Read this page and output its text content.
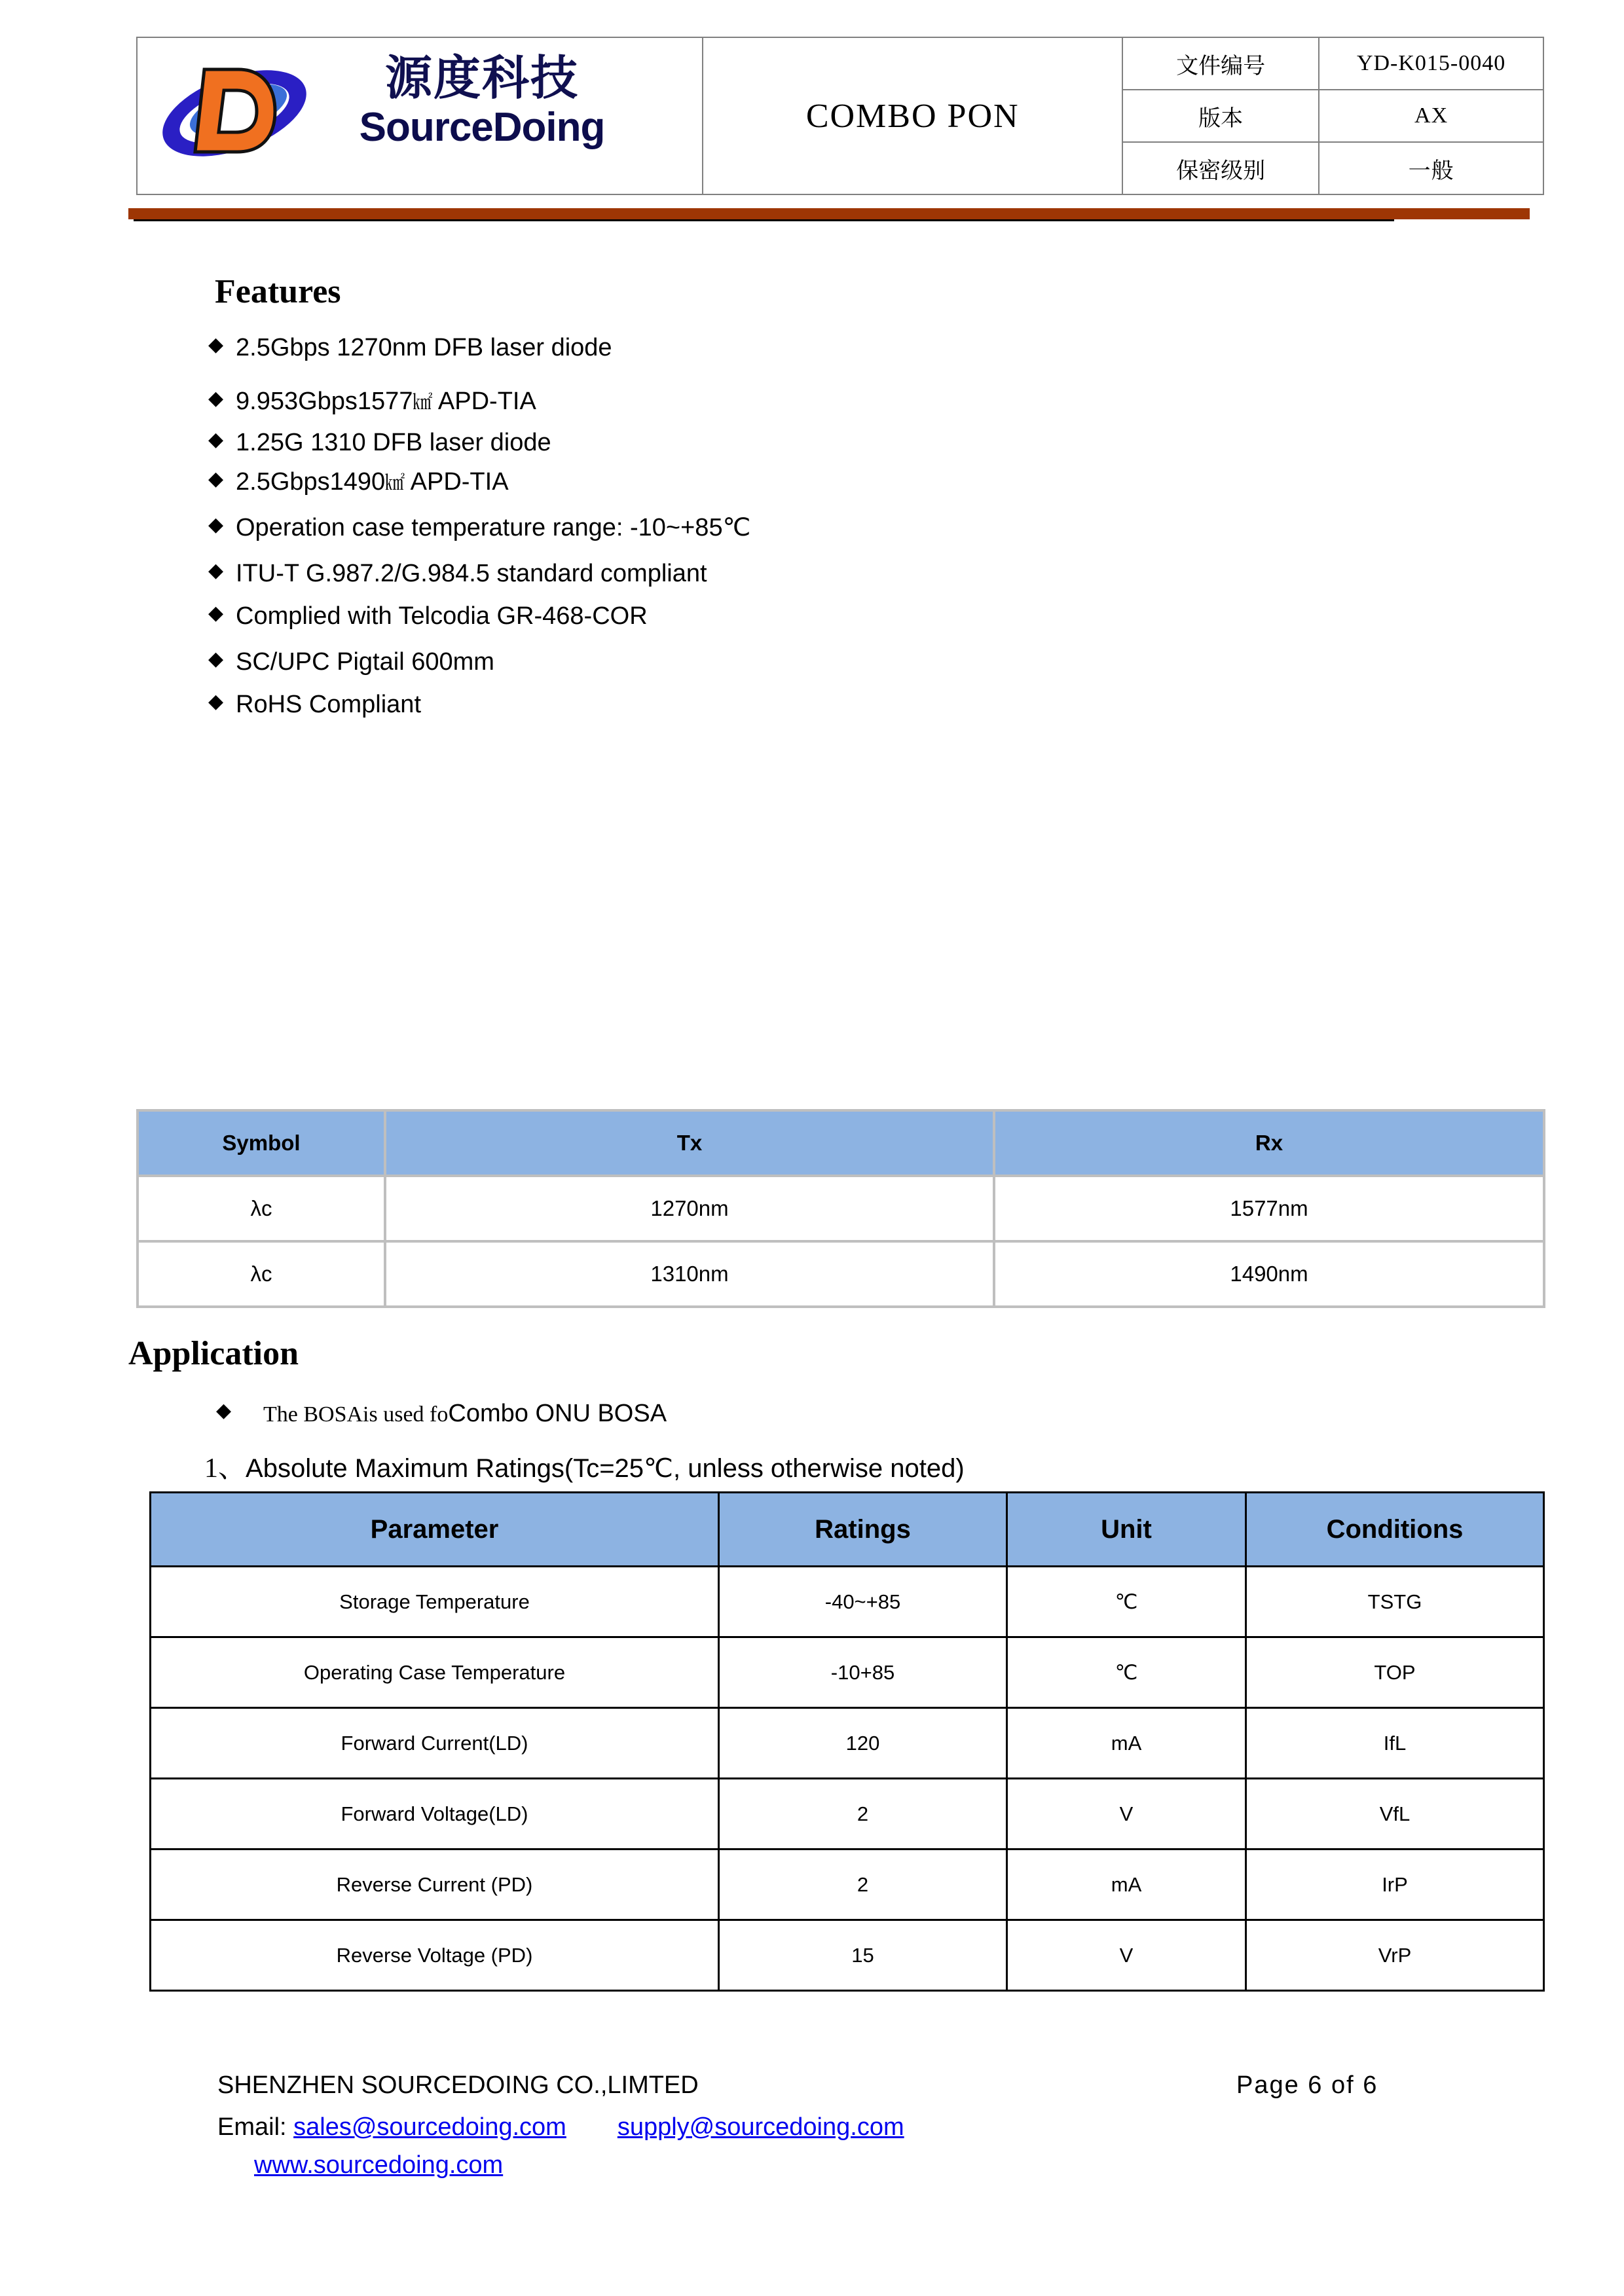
源度科技
SourceDoing	COMBO PON	文件编号	YD-K015-0040
		版本	AX
		保密级别	一般
Features
◆ 2.5Gbps 1270nm DFB laser diode
◆ 9.953Gbps1577㎢ APD-TIA
◆ 1.25G 1310 DFB laser diode
◆ 2.5Gbps1490㎢ APD-TIA
◆ Operation case temperature range: -10~+85℃
◆ ITU-T G.987.2/G.984.5 standard compliant
◆ Complied with Telcodia GR-468-COR
◆ SC/UPC Pigtail 600mm
◆ RoHS Compliant
Symbol	Tx	Rx
λc	1270nm	1577nm
λc	1310nm	1490nm
Application
◆ The BOSAis used foCombo ONU BOSA
1、Absolute Maximum Ratings(Tc=25℃, unless otherwise noted)
Parameter	Ratings	Unit	Conditions
Storage Temperature	-40~+85	℃	TSTG
Operating Case Temperature	-10+85	℃	TOP
Forward Current(LD)	120	mA	IfL
Forward Voltage(LD)	2	V	VfL
Reverse Current (PD)	2	mA	IrP
Reverse Voltage (PD)	15	V	VrP
SHENZHEN SOURCEDOING CO.,LIMTED	Page 6 of 6
Email: sales@sourcedoing.com supply@sourcedoing.com
www.sourcedoing.com
